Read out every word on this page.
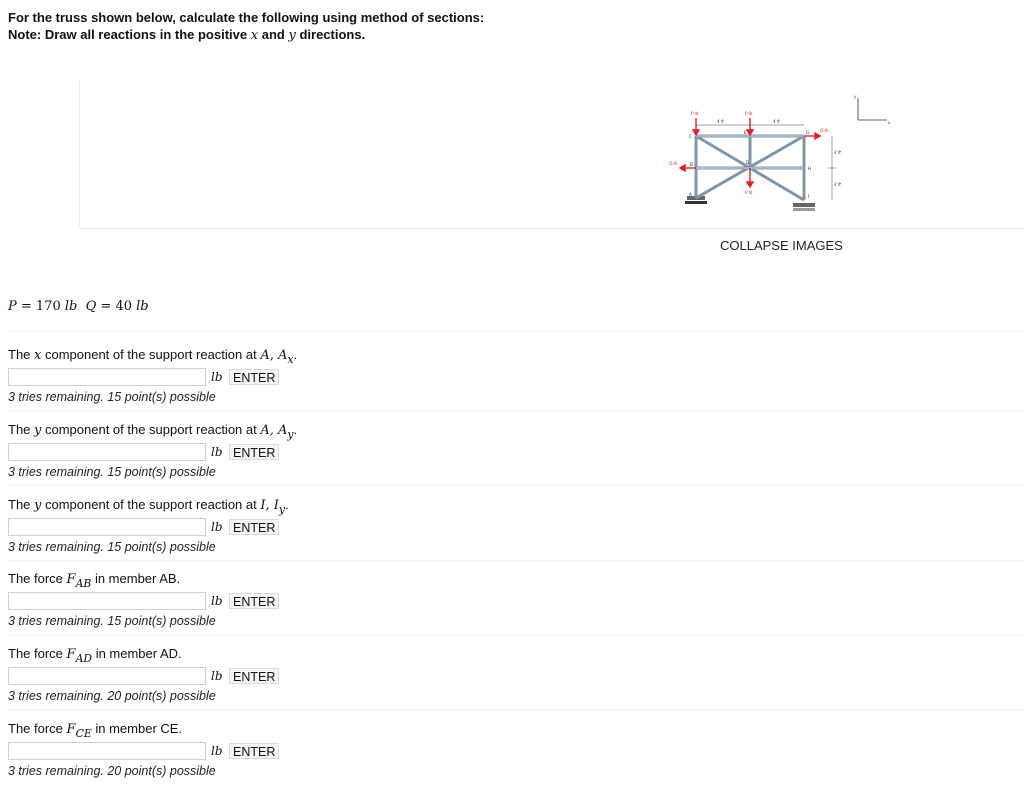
For the truss shown below, calculate the following using method of sections:
Note: Draw all reactions in the positive x and y directions.
y
x
P lb	P lb
P lb
Q lb
Q lb
4 ft	4 ft
3 ft
3 ft
A
B
C
D
E	G
H
I
COLLAPSE IMAGES
P = 170 lb Q = 40 lb
The x component of the support reaction at A, $A_x$.
lb ENTER
3 tries remaining. 15 point(s) possible
The y component of the support reaction at A, $A_y$.
lb ENTER
3 tries remaining. 15 point(s) possible
The y component of the support reaction at I, $I_y$.
lb ENTER
3 tries remaining. 15 point(s) possible
The force $F_{AB}$ in member AB.
lb ENTER
3 tries remaining. 15 point(s) possible
The force $F_{AD}$ in member AD.
lb ENTER
3 tries remaining. 20 point(s) possible
The force $F_{CE}$ in member CE.
lb ENTER
3 tries remaining. 20 point(s) possible
